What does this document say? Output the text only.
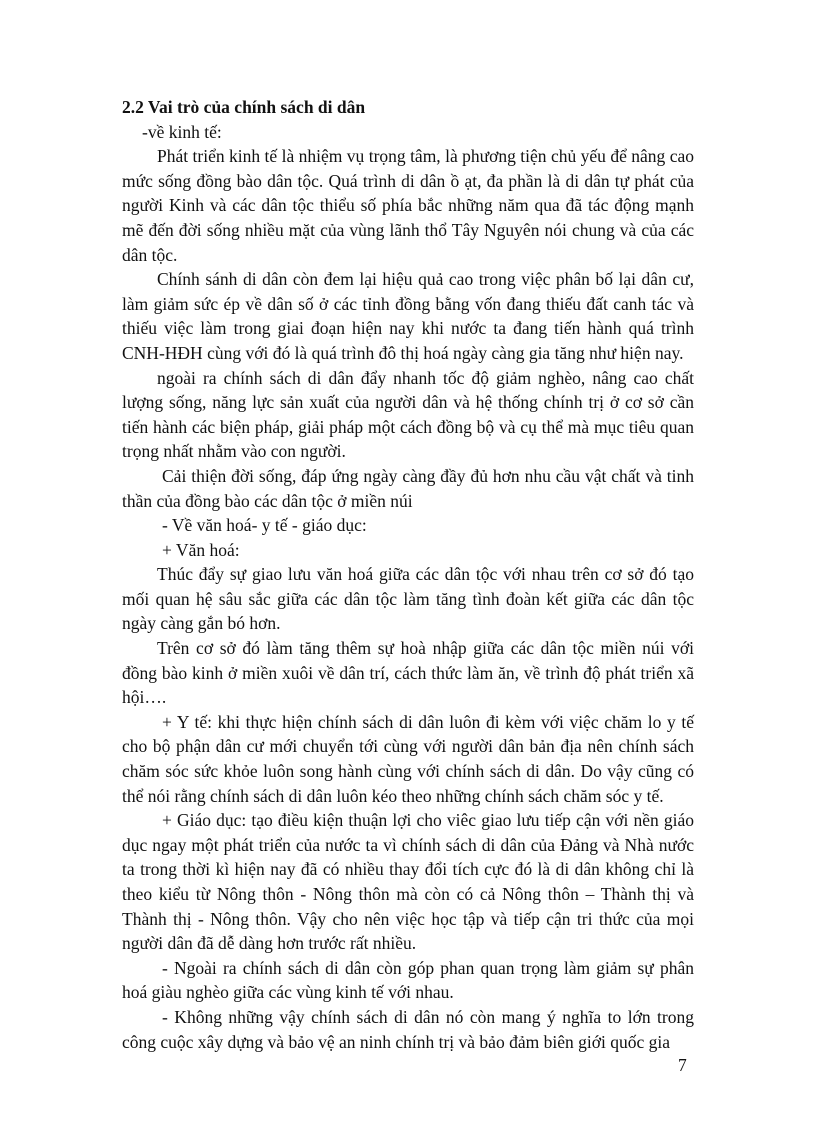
2.2 Vai trò của chính sách di dân

-về kinh tế:

Phát triển kinh tế là nhiệm vụ trọng tâm, là phương tiện chủ yếu để nâng cao mức sống đồng bào dân tộc. Quá trình di dân ồ ạt, đa phần là di dân tự phát của người Kinh và các dân tộc thiểu số phía bắc những năm qua đã tác động mạnh mẽ đến đời sống nhiều mặt của vùng lãnh thổ Tây Nguyên nói chung và của các dân tộc.

Chính sánh di dân còn đem lại hiệu quả cao trong việc phân bố lại dân cư, làm giảm sức ép về dân số ở các tỉnh đồng bằng vốn đang thiếu đất canh tác và thiếu việc làm trong giai đoạn hiện nay khi nước ta đang tiến hành quá trình CNH-HĐH cùng với đó là quá trình đô thị hoá ngày càng gia tăng như hiện nay.

ngoài ra chính sách di dân đẩy nhanh tốc độ giảm nghèo, nâng cao chất lượng sống, năng lực sản xuất của người dân và hệ thống chính trị ở cơ sở cần tiến hành các biện pháp, giải pháp một cách đồng bộ và cụ thể mà mục tiêu quan trọng nhất nhằm vào con người.

Cải thiện đời sống, đáp ứng ngày càng đầy đủ hơn nhu cầu vật chất và tinh thần của đồng bào các dân tộc ở miền núi

- Về văn hoá- y tế - giáo dục:

+ Văn hoá:

Thúc đẩy sự giao lưu văn hoá giữa các dân tộc với nhau trên cơ sở đó tạo mối quan hệ sâu sắc giữa các dân tộc làm tăng tình đoàn kết giữa các dân tộc ngày càng gắn bó hơn.

Trên cơ sở đó làm tăng thêm sự hoà nhập giữa các dân tộc miền núi với đồng bào kinh ở miền xuôi về dân trí, cách thức làm ăn, về trình độ phát triển xã hội….

+ Y tế: khi thực hiện chính sách di dân luôn đi kèm với việc chăm lo y tế cho bộ phận dân cư mới chuyển tới cùng với người dân bản địa nên chính sách chăm sóc sức khỏe luôn song hành cùng với chính sách di dân. Do vậy cũng có thể nói rằng chính sách di dân luôn kéo theo những chính sách chăm sóc y tế.

+ Giáo dục: tạo điều kiện thuận lợi cho viêc giao lưu tiếp cận với nền giáo dục ngay một phát triển của nước ta vì chính sách di dân của Đảng và Nhà nước ta trong thời kì hiện nay đã có nhiều thay đổi tích cực đó là di dân không chỉ là theo kiểu từ Nông thôn - Nông thôn mà còn có cả Nông thôn – Thành thị và Thành thị - Nông thôn. Vậy cho nên việc học tập và tiếp cận tri thức của mọi người dân đã dễ dàng hơn trước rất nhiều.

- Ngoài ra chính sách di dân còn góp phan quan trọng làm giảm sự phân hoá giàu nghèo giữa các vùng kinh tế với nhau.

- Không những vậy chính sách di dân nó còn mang ý nghĩa to lớn trong công cuộc xây dựng và bảo vệ an ninh chính trị và bảo đảm biên giới quốc gia

7
